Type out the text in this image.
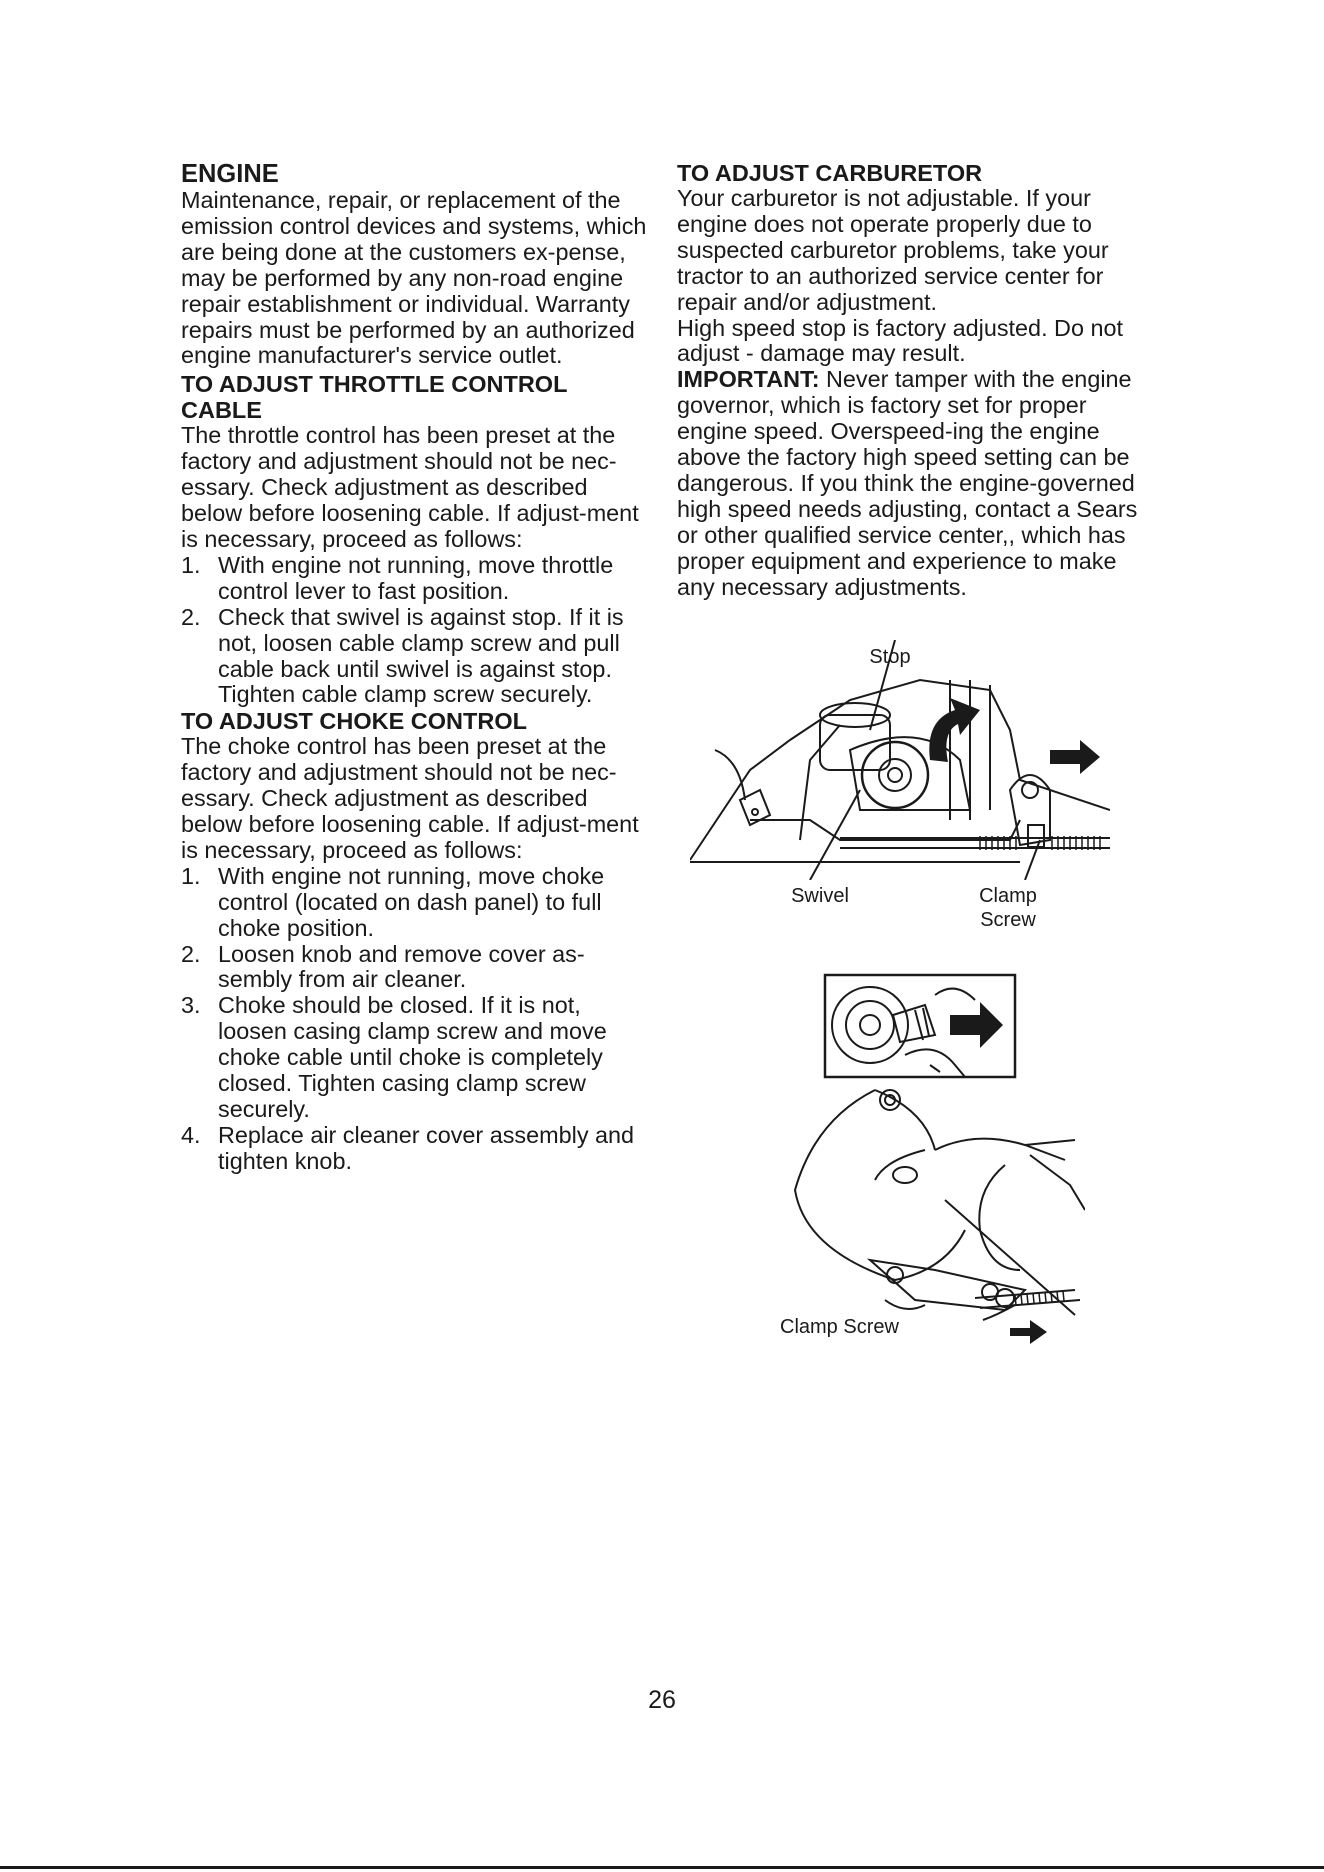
ENGINE

Maintenance, repair, or replacement of the emission control devices and systems, which are being done at the customers ex-pense, may be performed by any non-road engine repair establishment or individual. Warranty repairs must be performed by an authorized engine manufacturer's service outlet.

TO ADJUST THROTTLE CONTROL CABLE

The throttle control has been preset at the factory and adjustment should not be nec-essary. Check adjustment as described below before loosening cable. If adjust-ment is necessary, proceed as follows:

1. With engine not running, move throttle control lever to fast position.
2. Check that swivel is against stop. If it is not, loosen cable clamp screw and pull cable back until swivel is against stop. Tighten cable clamp screw securely.
TO ADJUST CHOKE CONTROL

The choke control has been preset at the factory and adjustment should not be nec-essary. Check adjustment as described below before loosening cable. If adjust-ment is necessary, proceed as follows:

1. With engine not running, move choke control (located on dash panel) to full choke position.
2. Loosen knob and remove cover as-sembly from air cleaner.
3. Choke should be closed. If it is not, loosen casing clamp screw and move choke cable until choke is completely closed. Tighten casing clamp screw securely.
4. Replace air cleaner cover assembly and tighten knob.
TO ADJUST CARBURETOR

Your carburetor is not adjustable. If your engine does not operate properly due to suspected carburetor problems, take your tractor to an authorized service center for repair and/or adjustment.

High speed stop is factory adjusted. Do not adjust - damage may result.

IMPORTANT: Never tamper with the engine governor, which is factory set for proper engine speed. Overspeed-ing the engine above the factory high speed setting can be dangerous. If you think the engine-governed high speed needs adjusting, contact a Sears or other qualified service center,, which has proper equipment and experience to make any necessary adjustments.

Stop
Swivel	Clamp
Screw
Clamp Screw
26
